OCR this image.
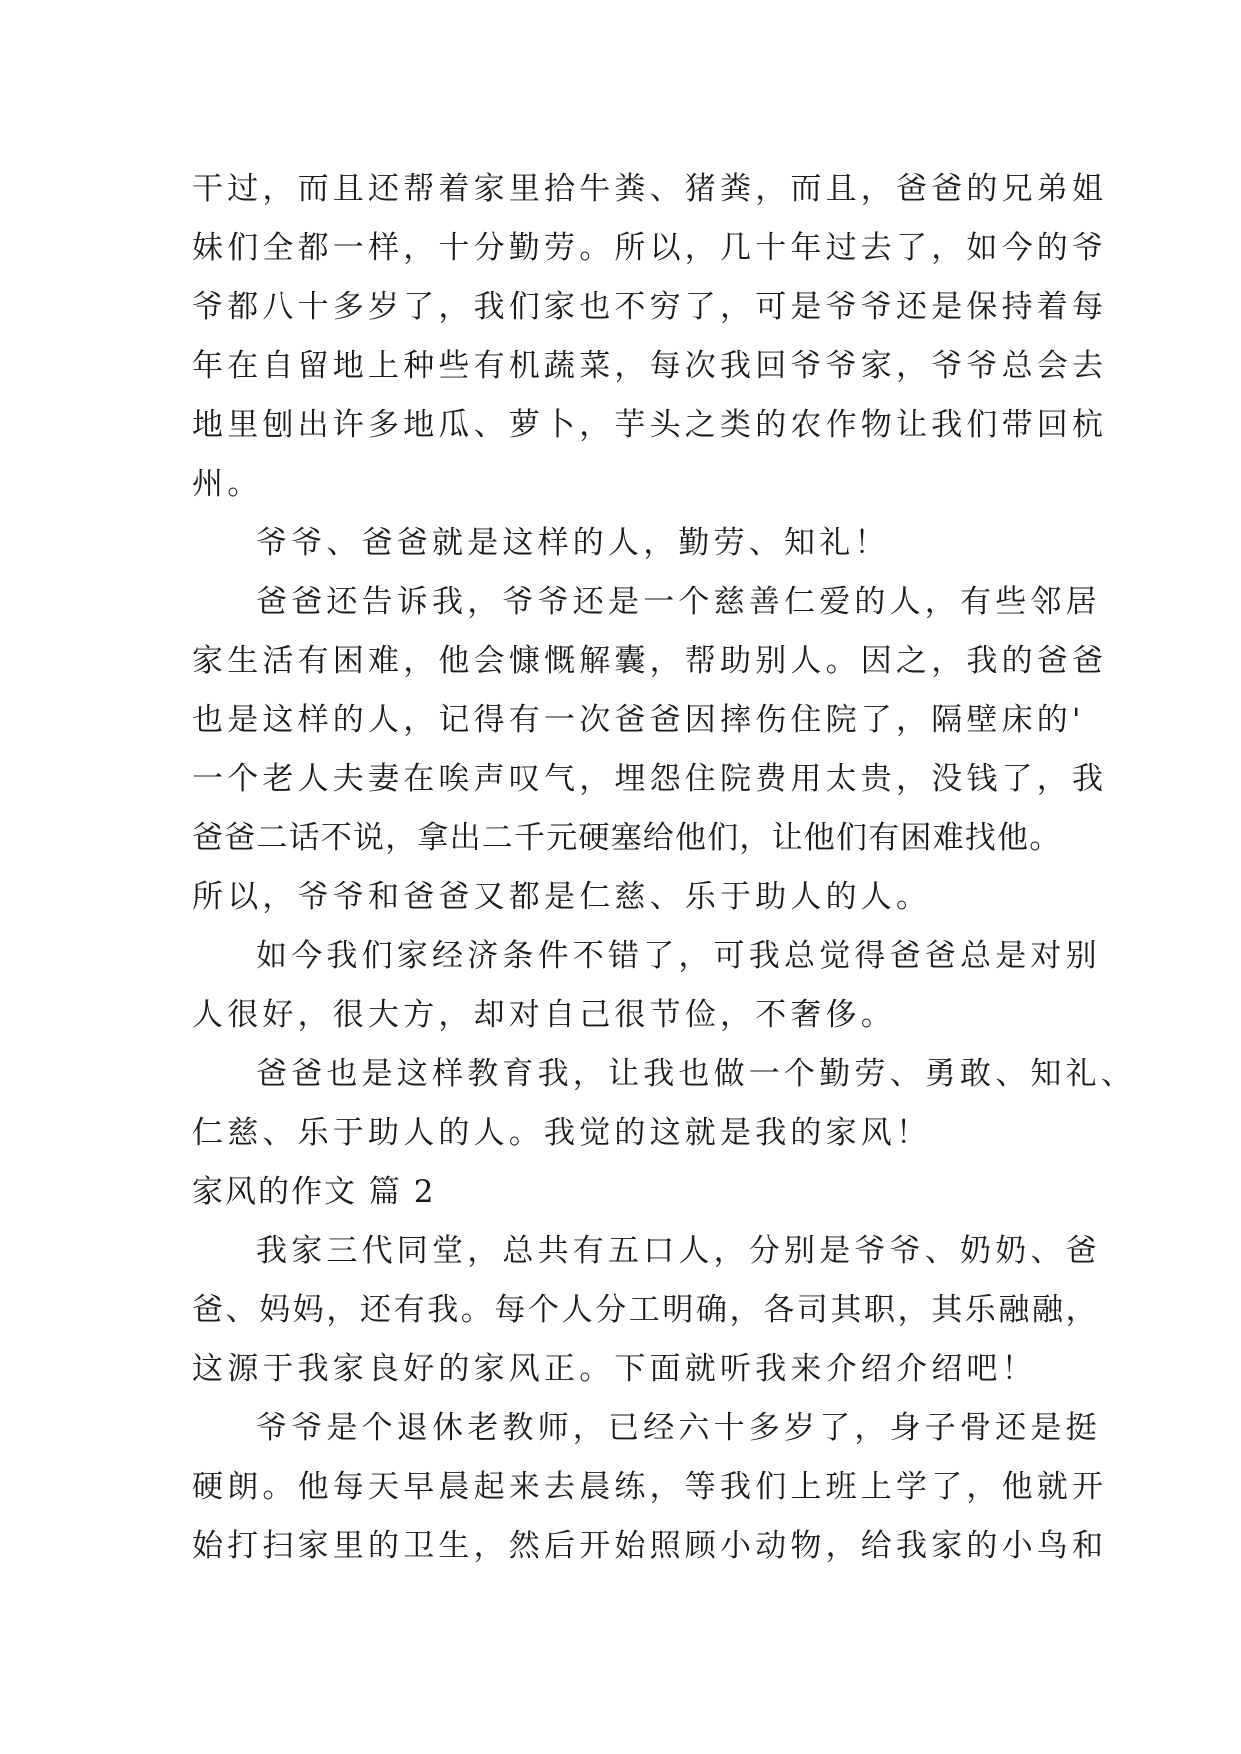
干过，而且还帮着家里拾牛粪、猪粪，而且，爸爸的兄弟姐
妹们全都一样，十分勤劳。所以，几十年过去了，如今的爷
爷都八十多岁了，我们家也不穷了，可是爷爷还是保持着每
年在自留地上种些有机蔬菜，每次我回爷爷家，爷爷总会去
地里刨出许多地瓜、萝卜，芋头之类的农作物让我们带回杭
州。
爷爷、爸爸就是这样的人，勤劳、知礼！
爸爸还告诉我，爷爷还是一个慈善仁爱的人，有些邻居
家生活有困难，他会慷慨解囊，帮助别人。因之，我的爸爸
也是这样的人，记得有一次爸爸因摔伤住院了，隔壁床的'
一个老人夫妻在唉声叹气，埋怨住院费用太贵，没钱了，我
爸爸二话不说，拿出二千元硬塞给他们，让他们有困难找他。
所以，爷爷和爸爸又都是仁慈、乐于助人的人。
如今我们家经济条件不错了，可我总觉得爸爸总是对别
人很好，很大方，却对自己很节俭，不奢侈。
爸爸也是这样教育我，让我也做一个勤劳、勇敢、知礼、
仁慈、乐于助人的人。我觉的这就是我的家风！
家风的作文 篇 2
我家三代同堂，总共有五口人，分别是爷爷、奶奶、爸
爸、妈妈，还有我。每个人分工明确，各司其职，其乐融融，
这源于我家良好的家风正。下面就听我来介绍介绍吧！
爷爷是个退休老教师，已经六十多岁了，身子骨还是挺
硬朗。他每天早晨起来去晨练，等我们上班上学了，他就开
始打扫家里的卫生，然后开始照顾小动物，给我家的小鸟和
